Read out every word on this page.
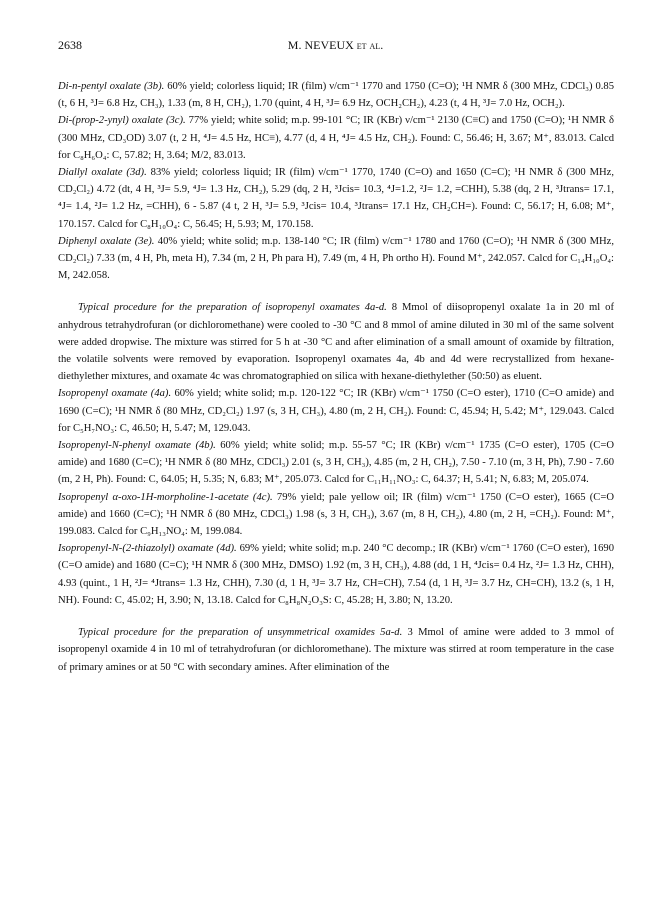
2638	M. NEVEUX et al.

Di-n-pentyl oxalate (3b). 60% yield; colorless liquid; IR (film) ν/cm⁻¹ 1770 and 1750 (C=O); ¹H NMR δ (300 MHz, CDCl₃) 0.85 (t, 6 H, ³J= 6.8 Hz, CH₃), 1.33 (m, 8 H, CH₂), 1.70 (quint, 4 H, ³J= 6.9 Hz, OCH₂CH₂), 4.23 (t, 4 H, ³J= 7.0 Hz, OCH₂).

Di-(prop-2-ynyl) oxalate (3c). 77% yield; white solid; m.p. 99-101 °C; IR (KBr) ν/cm⁻¹ 2130 (C≡C) and 1750 (C=O); ¹H NMR δ (300 MHz, CD₃OD) 3.07 (t, 2 H, ⁴J= 4.5 Hz, HC≡), 4.77 (d, 4 H, ⁴J= 4.5 Hz, CH₂). Found: C, 56.46; H, 3.67; M⁺, 83.013. Calcd for C₈H₆O₄: C, 57.82; H, 3.64; M/2, 83.013.

Diallyl oxalate (3d). 83% yield; colorless liquid; IR (film) ν/cm⁻¹ 1770, 1740 (C=O) and 1650 (C=C); ¹H NMR δ (300 MHz, CD₂Cl₂) 4.72 (dt, 4 H, ³J= 5.9, ⁴J= 1.3 Hz, CH₂), 5.29 (dq, 2 H, ³Jcis= 10.3, ⁴J=1.2, ²J= 1.2, =CHH), 5.38 (dq, 2 H, ³Jtrans= 17.1, ⁴J= 1.4, ²J= 1.2 Hz, =CHH), 6 - 5.87 (4 t, 2 H, ³J= 5.9, ³Jcis= 10.4, ³Jtrans= 17.1 Hz, CH₂CH=). Found: C, 56.17; H, 6.08; M⁺, 170.157. Calcd for C₈H₁₀O₄: C, 56.45; H, 5.93; M, 170.158.

Diphenyl oxalate (3e). 40% yield; white solid; m.p. 138-140 °C; IR (film) ν/cm⁻¹ 1780 and 1760 (C=O); ¹H NMR δ (300 MHz, CD₂Cl₂) 7.33 (m, 4 H, Ph, meta H), 7.34 (m, 2 H, Ph para H), 7.49 (m, 4 H, Ph ortho H). Found M⁺, 242.057. Calcd for C₁₄H₁₀O₄: M, 242.058.

Typical procedure for the preparation of isopropenyl oxamates 4a-d. 8 Mmol of diisopropenyl oxalate 1a in 20 ml of anhydrous tetrahydrofuran (or dichloromethane) were cooled to -30 °C and 8 mmol of amine diluted in 30 ml of the same solvent were added dropwise. The mixture was stirred for 5 h at -30 °C and after elimination of a small amount of oxamide by filtration, the volatile solvents were removed by evaporation. Isopropenyl oxamates 4a, 4b and 4d were recrystallized from hexane-diethylether mixtures, and oxamate 4c was chromatographied on silica with hexane-diethylether (50:50) as eluent.

Isopropenyl oxamate (4a). 60% yield; white solid; m.p. 120-122 °C; IR (KBr) ν/cm⁻¹ 1750 (C=O ester), 1710 (C=O amide) and 1690 (C=C); ¹H NMR δ (80 MHz, CD₂Cl₂) 1.97 (s, 3 H, CH₃), 4.80 (m, 2 H, CH₂). Found: C, 45.94; H, 5.42; M⁺, 129.043. Calcd for C₅H₇NO₃: C, 46.50; H, 5.47; M, 129.043.

Isopropenyl-N-phenyl oxamate (4b). 60% yield; white solid; m.p. 55-57 °C; IR (KBr) ν/cm⁻¹ 1735 (C=O ester), 1705 (C=O amide) and 1680 (C=C); ¹H NMR δ (80 MHz, CDCl₃) 2.01 (s, 3 H, CH₃), 4.85 (m, 2 H, CH₂), 7.50 - 7.10 (m, 3 H, Ph), 7.90 - 7.60 (m, 2 H, Ph). Found: C, 64.05; H, 5.35; N, 6.83; M⁺, 205.073. Calcd for C₁₁H₁₁NO₃: C, 64.37; H, 5.41; N, 6.83; M, 205.074.

Isopropenyl α-oxo-1H-morpholine-1-acetate (4c). 79% yield; pale yellow oil; IR (film) ν/cm⁻¹ 1750 (C=O ester), 1665 (C=O amide) and 1660 (C=C); ¹H NMR δ (80 MHz, CDCl₃) 1.98 (s, 3 H, CH₃), 3.67 (m, 8 H, CH₂), 4.80 (m, 2 H, =CH₂). Found: M⁺, 199.083. Calcd for C₉H₁₃NO₄: M, 199.084.

Isopropenyl-N-(2-thiazolyl) oxamate (4d). 69% yield; white solid; m.p. 240 °C decomp.; IR (KBr) ν/cm⁻¹ 1760 (C=O ester), 1690 (C=O amide) and 1680 (C=C); ¹H NMR δ (300 MHz, DMSO) 1.92 (m, 3 H, CH₃), 4.88 (dd, 1 H, ⁴Jcis= 0.4 Hz, ²J= 1.3 Hz, CHH), 4.93 (quint., 1 H, ²J= ⁴Jtrans= 1.3 Hz, CHH), 7.30 (d, 1 H, ³J= 3.7 Hz, CH=CH), 7.54 (d, 1 H, ³J= 3.7 Hz, CH=CH), 13.2 (s, 1 H, NH). Found: C, 45.02; H, 3.90; N, 13.18. Calcd for C₈H₈N₂O₃S: C, 45.28; H, 3.80; N, 13.20.

Typical procedure for the preparation of unsymmetrical oxamides 5a-d. 3 Mmol of amine were added to 3 mmol of isopropenyl oxamide 4 in 10 ml of tetrahydrofuran (or dichloromethane). The mixture was stirred at room temperature in the case of primary amines or at 50 °C with secondary amines. After elimination of the
